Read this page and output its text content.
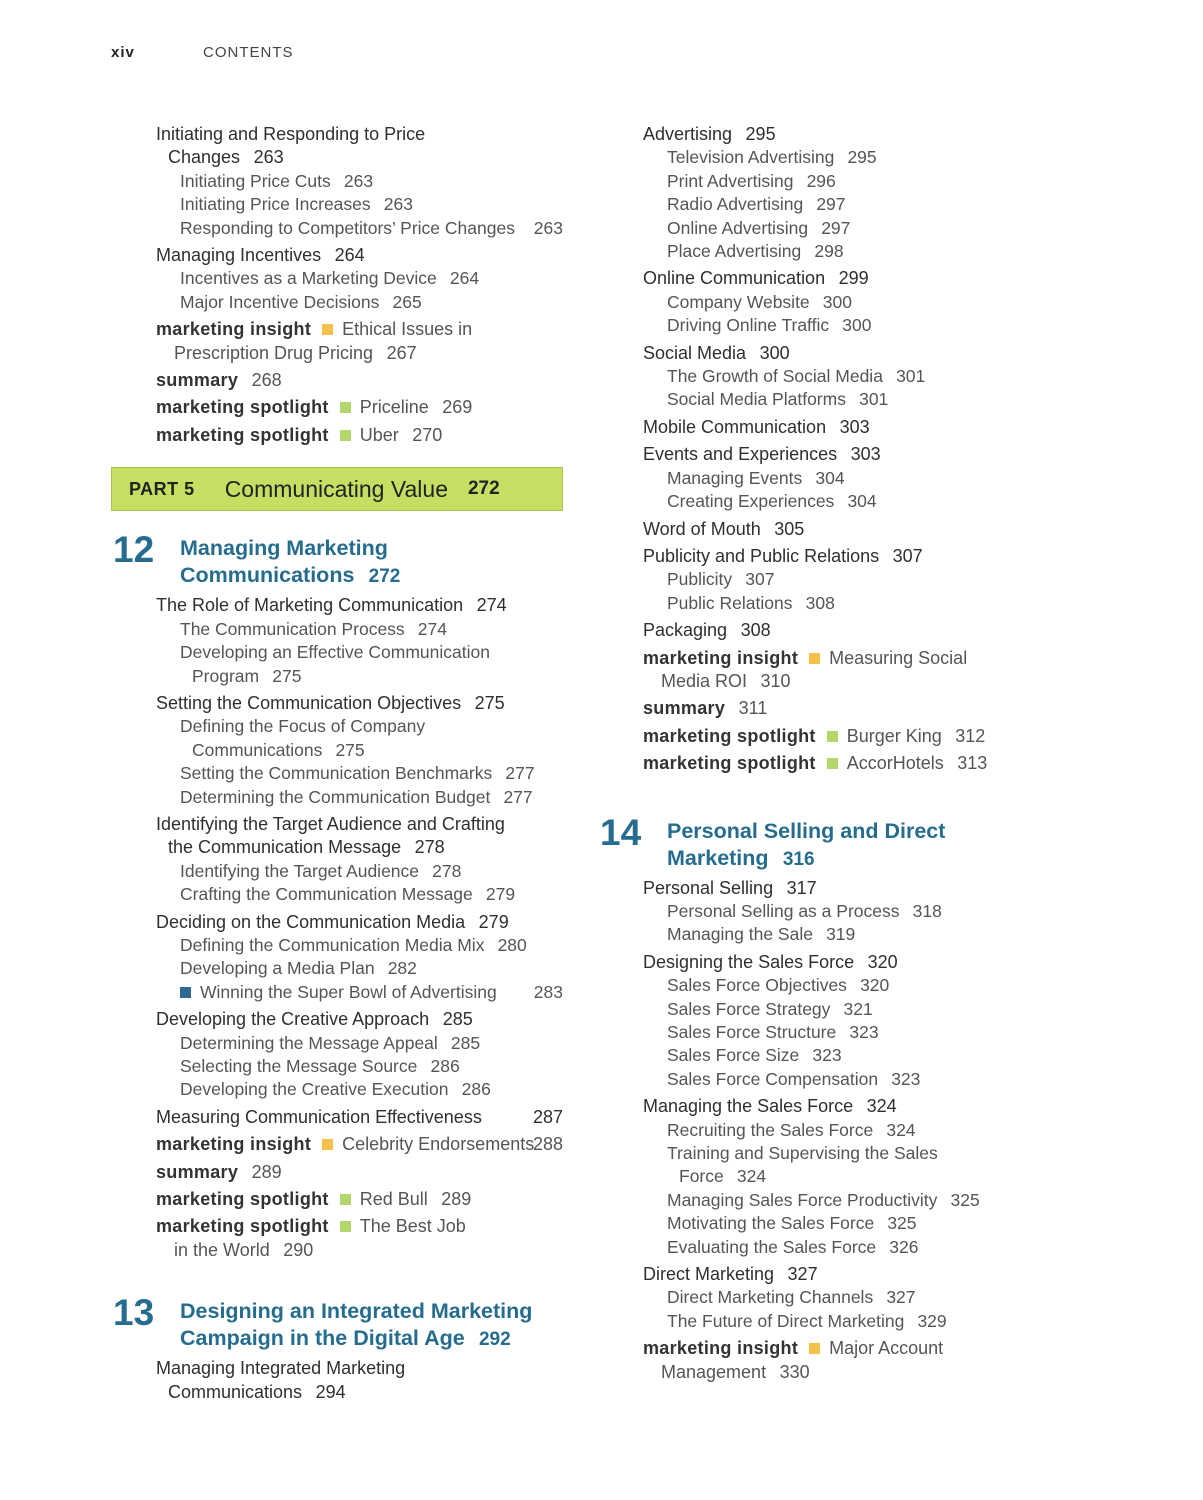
xiv	CONTENTS
Initiating and Responding to Price
Changes 263
Initiating Price Cuts 263
Initiating Price Increases 263
Responding to Competitors’ Price Changes 263
Managing Incentives 264
Incentives as a Marketing Device 264
Major Incentive Decisions 265
marketing insight Ethical Issues in
Prescription Drug Pricing 267
summary 268
marketing spotlight Priceline 269
marketing spotlight Uber 270
PART 5 Communicating Value 272
12 Managing Marketing
Communications 272
The Role of Marketing Communication 274
The Communication Process 274
Developing an Effective Communication
Program 275
Setting the Communication Objectives 275
Defining the Focus of Company
Communications 275
Setting the Communication Benchmarks 277
Determining the Communication Budget 277
Identifying the Target Audience and Crafting
the Communication Message 278
Identifying the Target Audience 278
Crafting the Communication Message 279
Deciding on the Communication Media 279
Defining the Communication Media Mix 280
Developing a Media Plan 282
Winning the Super Bowl of Advertising 283
Developing the Creative Approach 285
Determining the Message Appeal 285
Selecting the Message Source 286
Developing the Creative Execution 286
Measuring Communication Effectiveness	287
marketing insight Celebrity Endorsements
288
summary 289
marketing spotlight Red Bull 289
marketing spotlight The Best Job
in the World 290
13 Designing an Integrated Marketing
Campaign in the Digital Age 292
Managing Integrated Marketing
Communications 294
Advertising 295
Television Advertising 295
Print Advertising 296
Radio Advertising 297
Online Advertising 297
Place Advertising 298
Online Communication 299
Company Website 300
Driving Online Traffic 300
Social Media 300
The Growth of Social Media 301
Social Media Platforms 301
Mobile Communication 303
Events and Experiences 303
Managing Events 304
Creating Experiences 304
Word of Mouth 305
Publicity and Public Relations 307
Publicity 307
Public Relations 308
Packaging 308
marketing insight Measuring Social
Media ROI 310
summary 311
marketing spotlight Burger King 312
marketing spotlight AccorHotels 313
14 Personal Selling and Direct
Marketing 316
Personal Selling 317
Personal Selling as a Process 318
Managing the Sale 319
Designing the Sales Force 320
Sales Force Objectives 320
Sales Force Strategy 321
Sales Force Structure 323
Sales Force Size 323
Sales Force Compensation 323
Managing the Sales Force 324
Recruiting the Sales Force 324
Training and Supervising the Sales
Force 324
Managing Sales Force Productivity 325
Motivating the Sales Force 325
Evaluating the Sales Force 326
Direct Marketing 327
Direct Marketing Channels 327
The Future of Direct Marketing 329
marketing insight Major Account
Management 330
